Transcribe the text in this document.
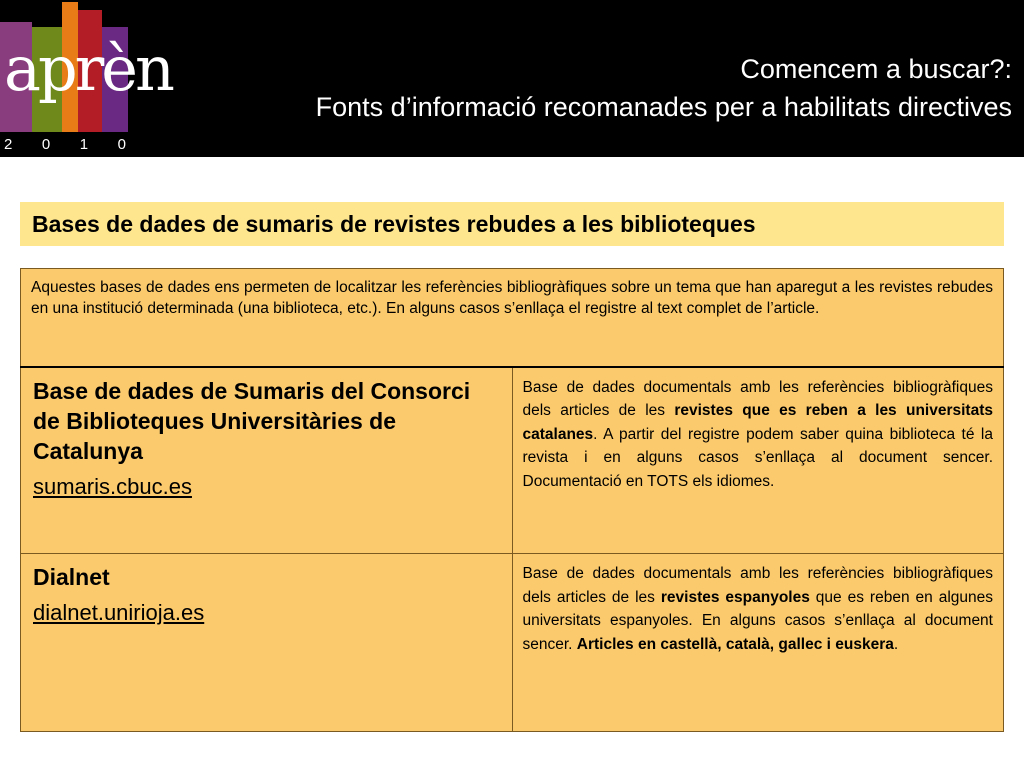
aprèn
2 0 1 0
Comencem a buscar?:
Fonts d’informació recomanades per a habilitats directives
Bases de dades de sumaris de revistes rebudes a les biblioteques
Aquestes bases de dades ens permeten de localitzar les referències bibliogràfiques sobre un tema que han aparegut a les revistes rebudes en una institució determinada (una biblioteca, etc.). En alguns casos s’enllaça el registre al text complet de l’article.	

Base de dades de Sumaris del Consorci de Biblioteques Universitàries de Catalunya
sumaris.cbuc.es	Base de dades documentals amb les referències bibliogràfiques dels articles de les revistes que es reben a les universitats catalanes. A partir del registre podem saber quina biblioteca té la revista i en alguns casos s’enllaça al document sencer. Documentació en TOTS els idiomes.

Dialnet
dialnet.unirioja.es	Base de dades documentals amb les referències bibliogràfiques dels articles de les revistes espanyoles que es reben en algunes universitats espanyoles. En alguns casos s’enllaça al document sencer. Articles en castellà, català, gallec i euskera.
